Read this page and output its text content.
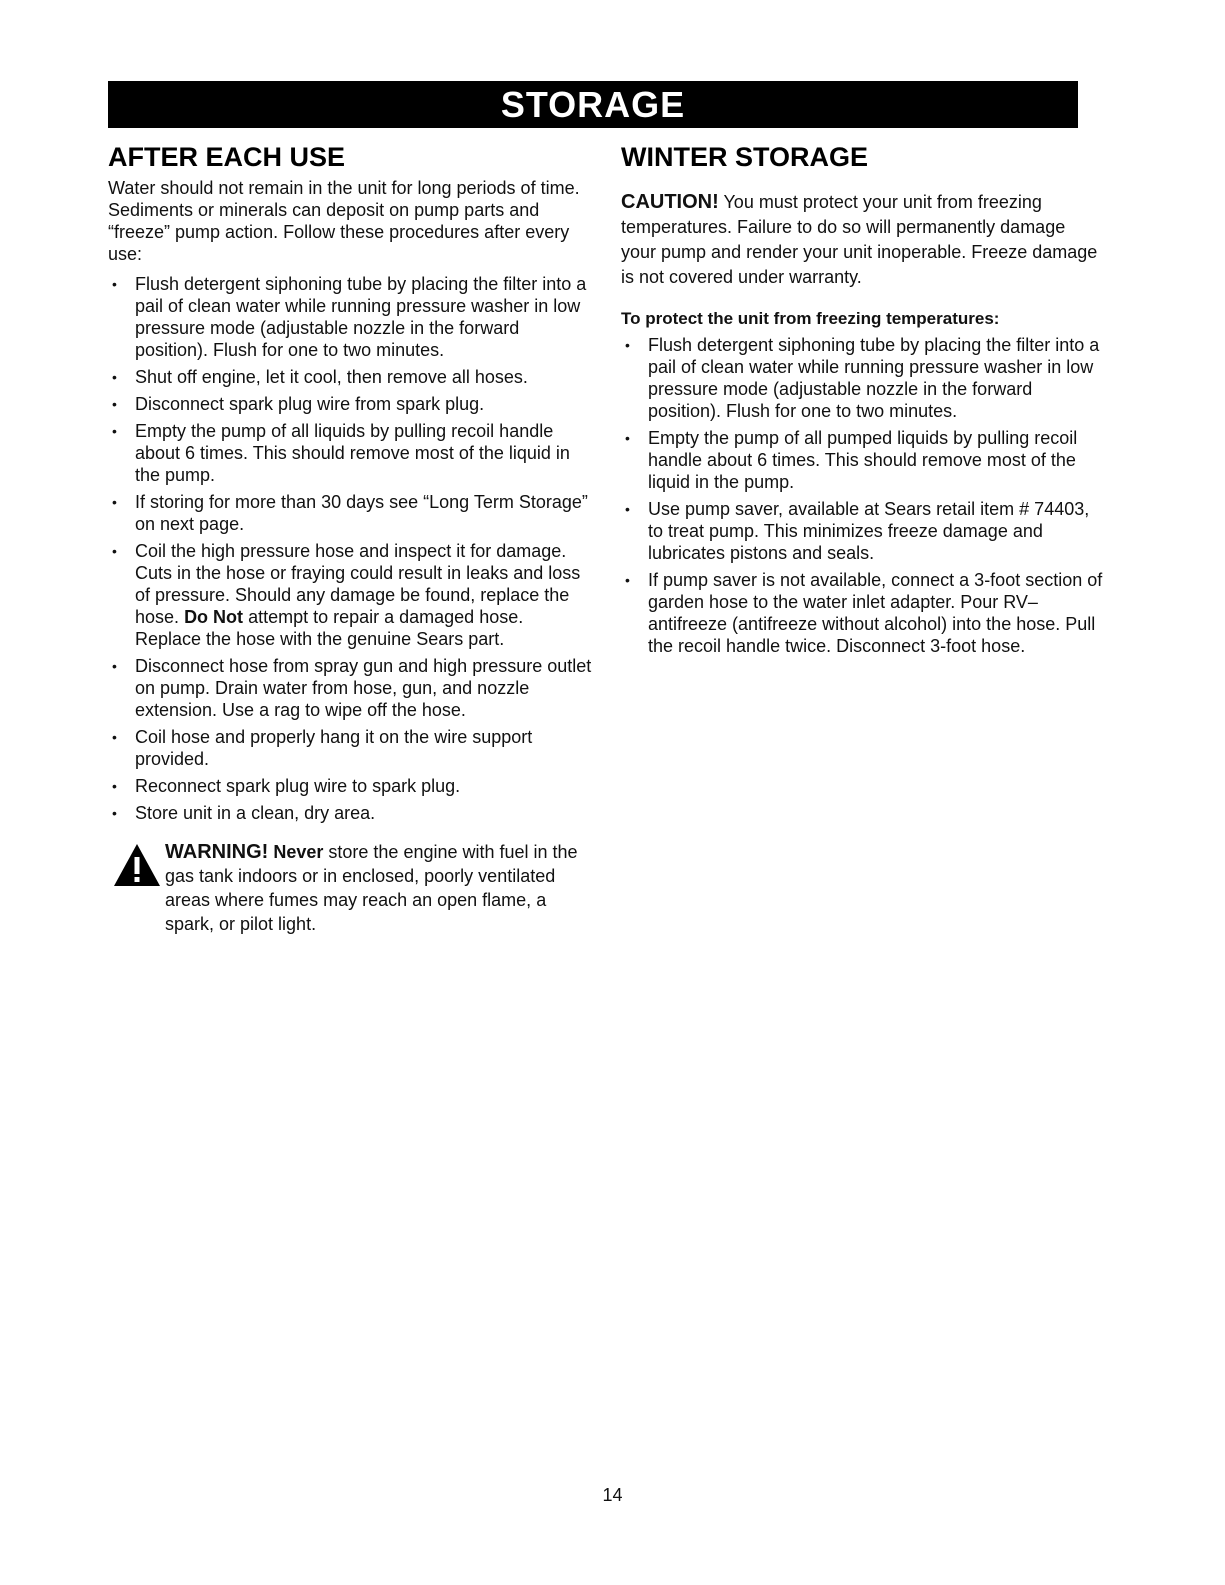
STORAGE
AFTER EACH USE

Water should not remain in the unit for long periods of time. Sediments or minerals can deposit on pump parts and “freeze” pump action. Follow these procedures after every use:

• Flush detergent siphoning tube by placing the filter into a pail of clean water while running pressure washer in low pressure mode (adjustable nozzle in the forward position). Flush for one to two minutes.
• Shut off engine, let it cool, then remove all hoses.
• Disconnect spark plug wire from spark plug.
• Empty the pump of all liquids by pulling recoil handle about 6 times. This should remove most of the liquid in the pump.
• If storing for more than 30 days see “Long Term Storage” on next page.
• Coil the high pressure hose and inspect it for damage. Cuts in the hose or fraying could result in leaks and loss of pressure. Should any damage be found, replace the hose. Do Not attempt to repair a damaged hose. Replace the hose with the genuine Sears part.
• Disconnect hose from spray gun and high pressure outlet on pump. Drain water from hose, gun, and nozzle extension. Use a rag to wipe off the hose.
• Coil hose and properly hang it on the wire support provided.
• Reconnect spark plug wire to spark plug.
• Store unit in a clean, dry area.
WARNING! Never store the engine with fuel in the gas tank indoors or in enclosed, poorly ventilated areas where fumes may reach an open flame, a spark, or pilot light.
WINTER STORAGE

CAUTION! You must protect your unit from freezing temperatures. Failure to do so will permanently damage your pump and render your unit inoperable. Freeze damage is not covered under warranty.

To protect the unit from freezing temperatures:

• Flush detergent siphoning tube by placing the filter into a pail of clean water while running pressure washer in low pressure mode (adjustable nozzle in the forward position). Flush for one to two minutes.
• Empty the pump of all pumped liquids by pulling recoil handle about 6 times. This should remove most of the liquid in the pump.
• Use pump saver, available at Sears retail item # 74403, to treat pump. This minimizes freeze damage and lubricates pistons and seals.
• If pump saver is not available, connect a 3-foot section of garden hose to the water inlet adapter. Pour RV–antifreeze (antifreeze without alcohol) into the hose. Pull the recoil handle twice. Disconnect 3-foot hose.
14
